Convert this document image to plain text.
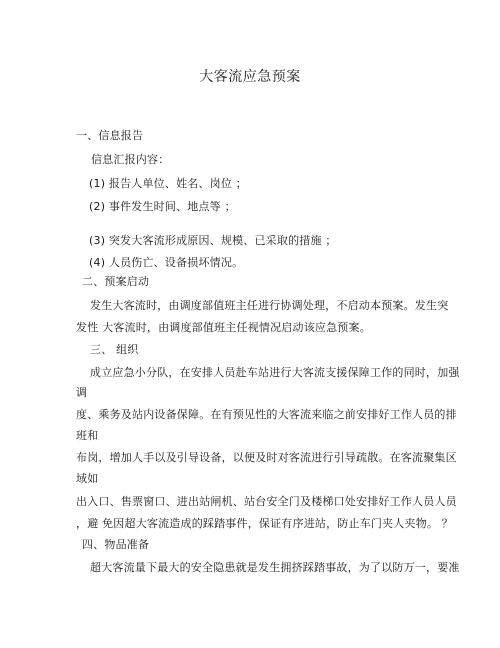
大客流应急预案
一、信息报告
信息汇报内容：
(1) 报告人单位、姓名、岗位 ；
(2) 事件发生时间、地点等 ；
(3) 突发大客流形成原因、规模、已采取的措施 ；
(4) 人员伤亡、设备损坏情况。
二、预案启动
发生大客流时，由调度部值班主任进行协调处理，不启动本预案。发生突
发性 大客流时，由调度部值班主任视情况启动该应急预案。
三、 组织
成立应急小分队，在安排人员赴车站进行大客流支援保障工作的同时，加强
调
度、乘务及站内设备保障。在有预见性的大客流来临之前安排好工作人员的排
班和
布岗，增加人手以及引导设备，以便及时对客流进行引导疏散。在客流聚集区
域如
出入口、售票窗口、进出站闸机、站台安全门及楼梯口处安排好工作人员人员
，避 免因超大客流造成的踩踏事件，保证有序进站，防止车门夹人夹物。 ？
四、物品准备
超大客流量下最大的安全隐患就是发生拥挤踩踏事故，为了以防万一，要准
